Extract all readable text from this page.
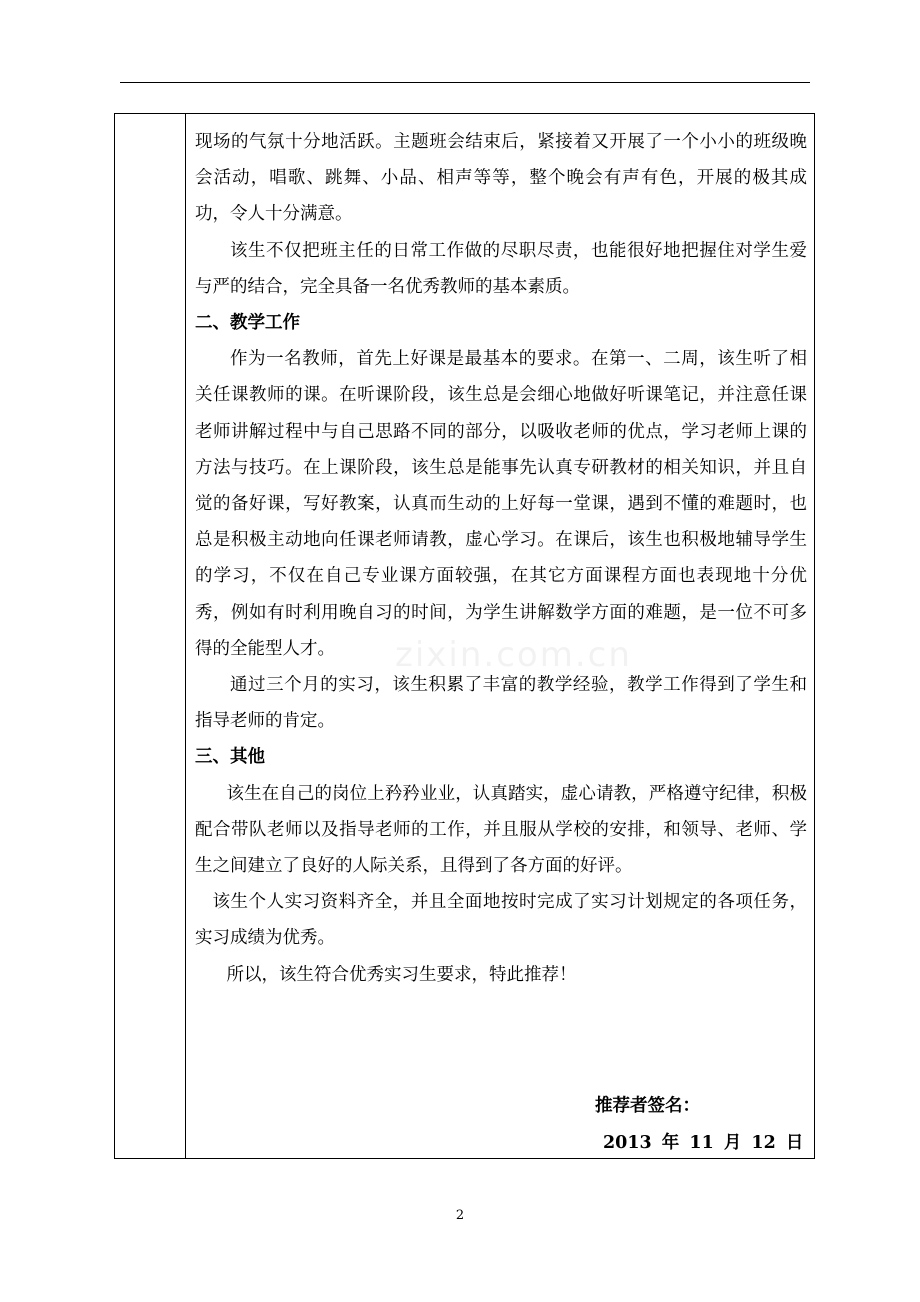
现场的气氛十分地活跃。主题班会结束后，紧接着又开展了一个小小的班级晚会活动，唱歌、跳舞、小品、相声等等，整个晚会有声有色，开展的极其成功，令人十分满意。

该生不仅把班主任的日常工作做的尽职尽责，也能很好地把握住对学生爱与严的结合，完全具备一名优秀教师的基本素质。

二、教学工作

作为一名教师，首先上好课是最基本的要求。在第一、二周，该生听了相关任课教师的课。在听课阶段，该生总是会细心地做好听课笔记，并注意任课老师讲解过程中与自己思路不同的部分，以吸收老师的优点，学习老师上课的方法与技巧。在上课阶段，该生总是能事先认真专研教材的相关知识，并且自觉的备好课，写好教案，认真而生动的上好每一堂课，遇到不懂的难题时，也总是积极主动地向任课老师请教，虚心学习。在课后，该生也积极地辅导学生的学习，不仅在自己专业课方面较强，在其它方面课程方面也表现地十分优秀，例如有时利用晚自习的时间，为学生讲解数学方面的难题，是一位不可多得的全能型人才。

通过三个月的实习，该生积累了丰富的教学经验，教学工作得到了学生和指导老师的肯定。

三、其他

该生在自己的岗位上矜矜业业，认真踏实，虚心请教，严格遵守纪律，积极配合带队老师以及指导老师的工作，并且服从学校的安排，和领导、老师、学生之间建立了良好的人际关系，且得到了各方面的好评。

该生个人实习资料齐全，并且全面地按时完成了实习计划规定的各项任务，实习成绩为优秀。

所以，该生符合优秀实习生要求，特此推荐！

推荐者签名：
2013 年 11 月 12 日
zixin.com.cn
2
